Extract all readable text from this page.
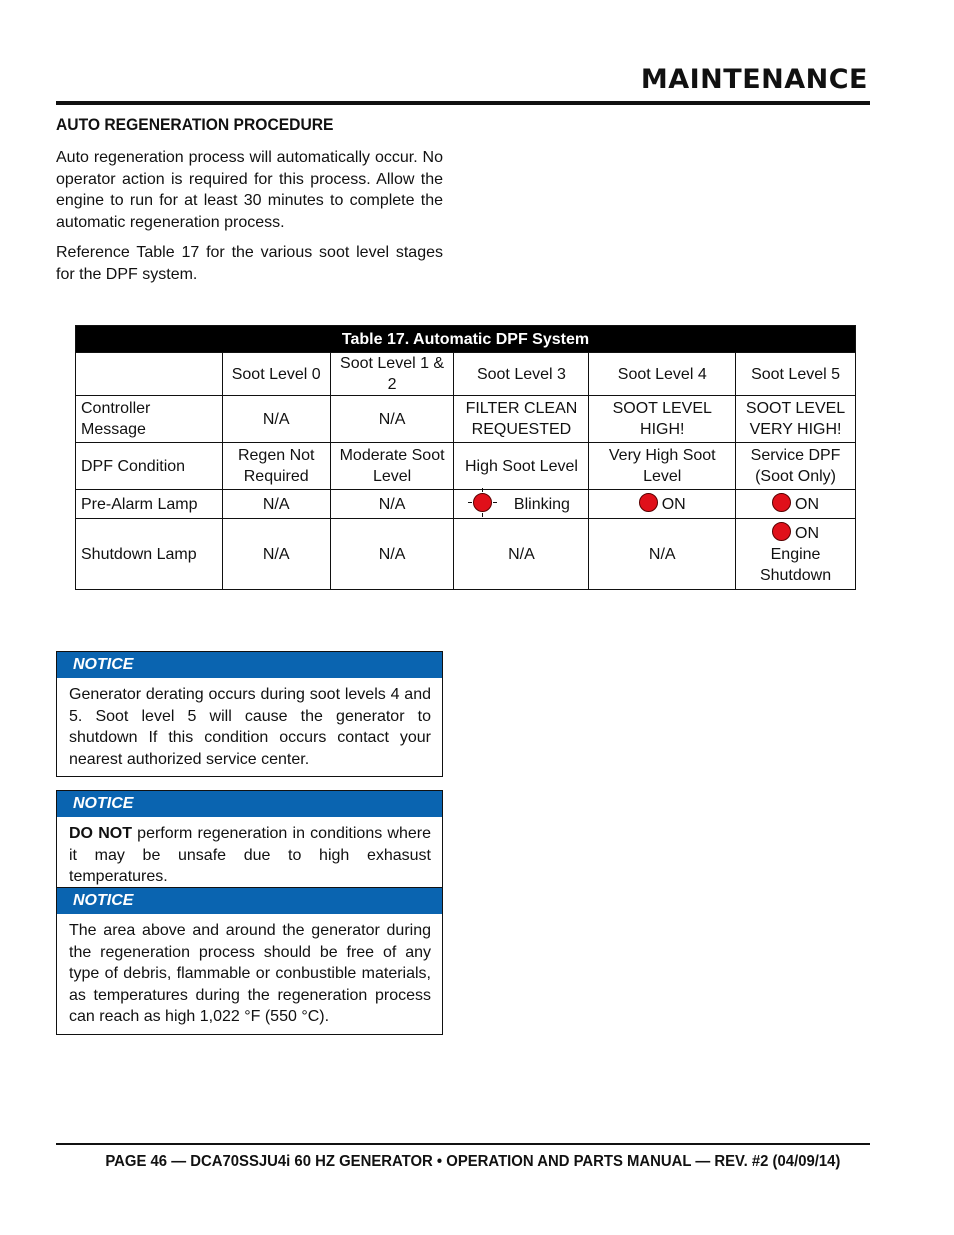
MAINTENANCE
AUTO REGENERATION PROCEDURE

Auto regeneration process will automatically occur. No operator action is required for this process. Allow the engine to run for at least 30 minutes to complete the automatic regeneration process.

Reference Table 17 for the various soot level stages for the DPF system.

Table 17. Automatic DPF System					
	Soot Level 0	Soot Level 1 & 2	Soot Level 3	Soot Level 4	Soot Level 5
Controller Message	N/A	N/A	FILTER CLEAN REQUESTED	SOOT LEVEL HIGH!	SOOT LEVEL VERY HIGH!
DPF Condition	Regen Not Required	Moderate Soot Level	High Soot Level	Very High Soot Level	Service DPF (Soot Only)
Pre-Alarm Lamp	N/A	N/A	Blinking	ON	ON
Shutdown Lamp	N/A	N/A	N/A	N/A	ON
Engine Shutdown
NOTICE
Generator derating occurs during soot levels 4 and 5. Soot level 5 will cause the generator to shutdown If this condition occurs contact your nearest authorized service center.
NOTICE
DO NOT perform regeneration in conditions where it may be unsafe due to high exhasust temperatures.
NOTICE
The area above and around the generator during the regeneration process should be free of any type of debris, flammable or conbustible materials, as temperatures during the regeneration process can reach as high 1,022 °F (550 °C).
PAGE 46 — DCA70SSJU4i 60 HZ GENERATOR • OPERATION AND PARTS MANUAL — REV. #2 (04/09/14)
